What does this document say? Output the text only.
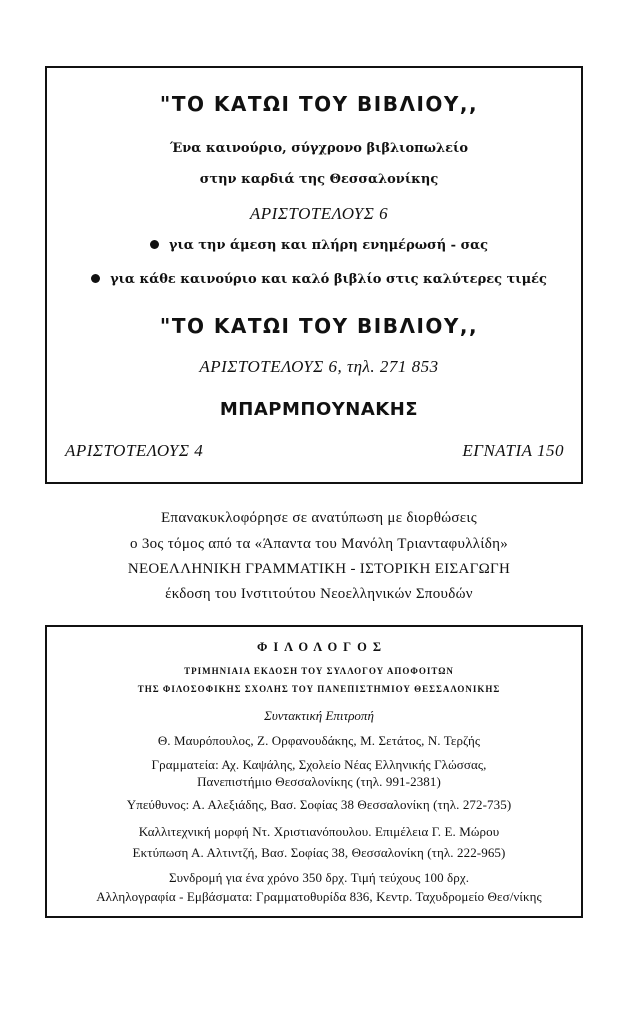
"ΤΟ ΚΑΤΩΙ ΤΟΥ ΒΙΒΛΙΟΥ,,
Ένα καινούριο, σύγχρονο βιβλιοπωλείο
στην καρδιά της Θεσσαλονίκης
ΑΡΙΣΤΟΤΕΛΟΥΣ 6
για την άμεση και πλήρη ενημέρωσή - σας
για κάθε καινούριο και καλό βιβλίο στις καλύτερες τιμές
"ΤΟ ΚΑΤΩΙ ΤΟΥ ΒΙΒΛΙΟΥ,,
ΑΡΙΣΤΟΤΕΛΟΥΣ 6, τηλ. 271 853
ΜΠΑΡΜΠΟΥΝΑΚΗΣ
ΑΡΙΣΤΟΤΕΛΟΥΣ 4	ΕΓΝΑΤΙΑ 150
Επανακυκλοφόρησε σε ανατύπωση με διορθώσεις
ο 3ος τόμος από τα «Άπαντα του Μανόλη Τριανταφυλλίδη»
ΝΕΟΕΛΛΗΝΙΚΗ ΓΡΑΜΜΑΤΙΚΗ - ΙΣΤΟΡΙΚΗ ΕΙΣΑΓΩΓΗ
έκδοση του Ινστιτούτου Νεοελληνικών Σπουδών
ΦΙΛΟΛΟΓΟΣ
ΤΡΙΜΗΝΙΑΙΑ ΕΚΔΟΣΗ ΤΟΥ ΣΥΛΛΟΓΟΥ ΑΠΟΦΟΙΤΩΝ
ΤΗΣ ΦΙΛΟΣΟΦΙΚΗΣ ΣΧΟΛΗΣ ΤΟΥ ΠΑΝΕΠΙΣΤΗΜΙΟΥ ΘΕΣΣΑΛΟΝΙΚΗΣ
Συντακτική Επιτροπή
Θ. Μαυρόπουλος, Ζ. Ορφανουδάκης, Μ. Σετάτος, Ν. Τερζής
Γραμματεία: Αχ. Καψάλης, Σχολείο Νέας Ελληνικής Γλώσσας,
Πανεπιστήμιο Θεσσαλονίκης (τηλ. 991-2381)
Υπεύθυνος: Α. Αλεξιάδης, Βασ. Σοφίας 38 Θεσσαλονίκη (τηλ. 272-735)
Καλλιτεχνική μορφή Ντ. Χριστιανόπουλου. Επιμέλεια Γ. Ε. Μώρου
Εκτύπωση Α. Αλτιντζή, Βασ. Σοφίας 38, Θεσσαλονίκη (τηλ. 222-965)
Συνδρομή για ένα χρόνο 350 δρχ. Τιμή τεύχους 100 δρχ.
Αλληλογραφία - Εμβάσματα: Γραμματοθυρίδα 836, Κεντρ. Ταχυδρομείο Θεσ/νίκης
